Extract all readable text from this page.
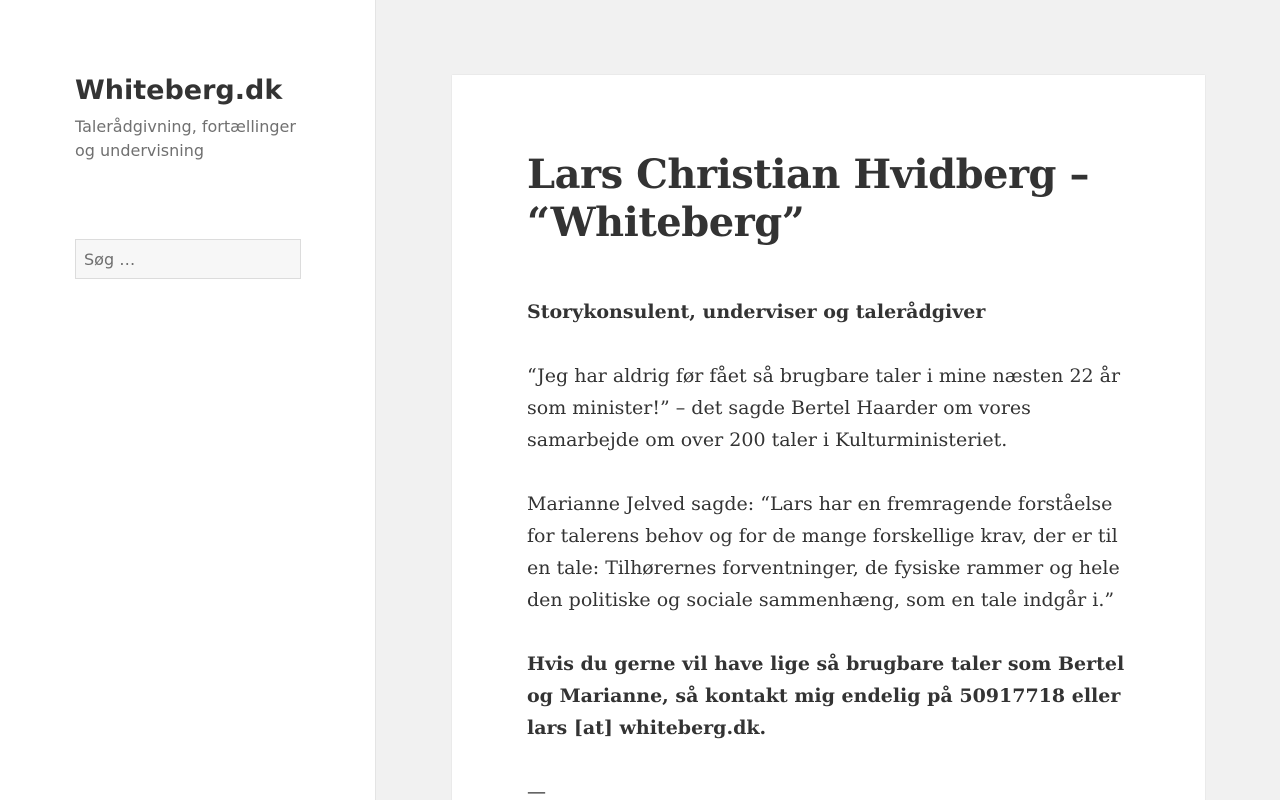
Whiteberg.dk

Talerådgivning, fortællinger og undervisning

Søg …
Lars Christian Hvidberg – “Whiteberg”

Storykonsulent, underviser og talerådgiver

“Jeg har aldrig før fået så brugbare taler i mine næsten 22 år som minister!” – det sagde Bertel Haarder om vores samarbejde om over 200 taler i Kulturministeriet.

Marianne Jelved sagde: “Lars har en fremragende forståelse for talerens behov og for de mange forskellige krav, der er til en tale: Tilhørernes forventninger, de fysiske rammer og hele den politiske og sociale sammenhæng, som en tale indgår i.”

Hvis du gerne vil have lige så brugbare taler som Bertel og Marianne, så kontakt mig endelig på 50917718 eller lars [at] whiteberg.dk.

—
